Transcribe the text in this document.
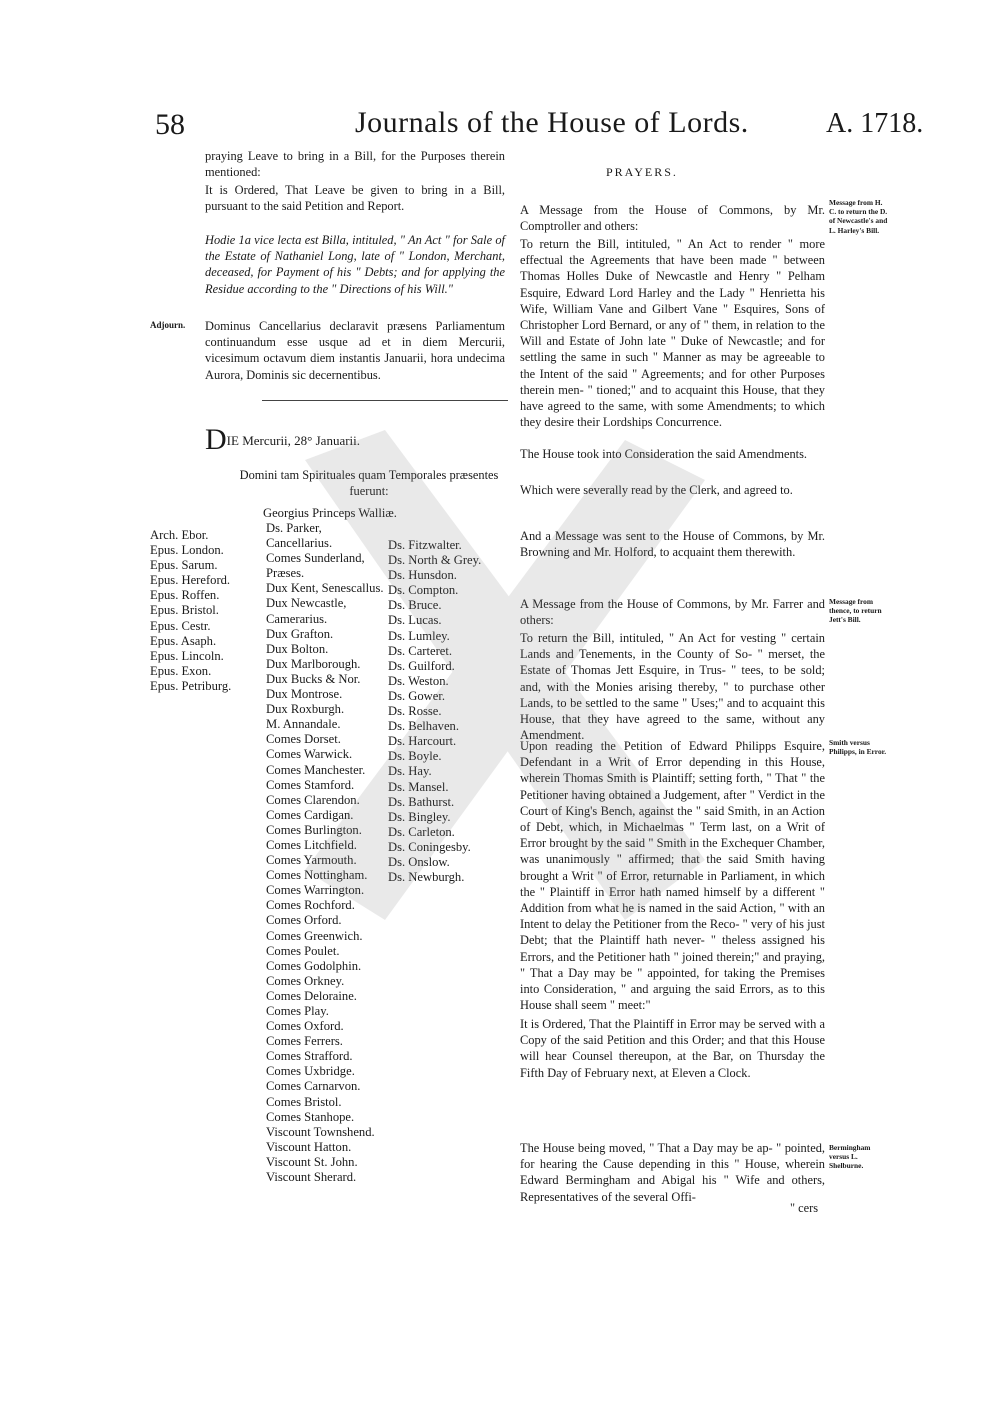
58	Journals of the House of Lords.	A. 1718.

praying Leave to bring in a Bill, for the Purposes therein mentioned:

It is Ordered, That Leave be given to bring in a Bill, pursuant to the said Petition and Report.

Hodie 1a vice lecta est Billa, intituled, " An Act " for Sale of the Estate of Nathaniel Long, late of " London, Merchant, deceased, for Payment of his " Debts; and for applying the Residue according to the " Directions of his Will."

Adjourn.	Dominus Cancellarius declaravit præsens Parliamentum continuandum esse usque ad et in diem Mercurii, vicesimum octavum diem instantis Januarii, hora undecima Aurora, Dominis sic decernentibus.

DIE Mercurii, 28° Januarii.

Domini tam Spirituales quam Temporales præsentes fuerunt:

Georgius Princeps Walliæ.
Arch. Ebor.
Epus. London.
Epus. Sarum.
Epus. Hereford.
Epus. Roffen.
Epus. Bristol.
Epus. Cestr.
Epus. Asaph.
Epus. Lincoln.
Epus. Exon.
Epus. Petriburg.
Ds. Parker, Cancellarius.
Comes Sunderland, Præses.
Dux Kent, Senescallus.
Dux Newcastle, Camerarius.
Dux Grafton.
Dux Bolton.
Dux Marlborough.
Dux Bucks & Nor.
Dux Montrose.
Dux Roxburgh.
M. Annandale.
Comes Dorset.
Comes Warwick.
Comes Manchester.
Comes Stamford.
Comes Clarendon.
Comes Cardigan.
Comes Burlington.
Comes Litchfield.
Comes Yarmouth.
Comes Nottingham.
Comes Warrington.
Comes Rochford.
Comes Orford.
Comes Greenwich.
Comes Poulet.
Comes Godolphin.
Comes Orkney.
Comes Deloraine.
Comes Play.
Comes Oxford.
Comes Ferrers.
Comes Strafford.
Comes Uxbridge.
Comes Carnarvon.
Comes Bristol.
Comes Stanhope.
Viscount Townshend.
Viscount Hatton.
Viscount St. John.
Viscount Sherard.
Ds. Fitzwalter.
Ds. North & Grey.
Ds. Hunsdon.
Ds. Compton.
Ds. Bruce.
Ds. Lucas.
Ds. Lumley.
Ds. Carteret.
Ds. Guilford.
Ds. Weston.
Ds. Gower.
Ds. Rosse.
Ds. Belhaven.
Ds. Harcourt.
Ds. Boyle.
Ds. Hay.
Ds. Mansel.
Ds. Bathurst.
Ds. Bingley.
Ds. Carleton.
Ds. Coningesby.
Ds. Onslow.
Ds. Newburgh.
PRAYERS.

A Message from the House of Commons, by Mr. Comptroller and others:

Message from H. C. to return the D. of Newcastle's and L. Harley's Bill.

To return the Bill, intituled, " An Act to render " more effectual the Agreements that have been made " between Thomas Holles Duke of Newcastle and Henry " Pelham Esquire, Edward Lord Harley and the Lady " Henrietta his Wife, William Vane and Gilbert Vane " Esquires, Sons of Christopher Lord Bernard, or any of " them, in relation to the Will and Estate of John late " Duke of Newcastle; and for settling the same in such " Manner as may be agreeable to the Intent of the said " Agreements; and for other Purposes therein men- " tioned;" and to acquaint this House, that they have agreed to the same, with some Amendments; to which they desire their Lordships Concurrence.

The House took into Consideration the said Amendments.

Which were severally read by the Clerk, and agreed to.

And a Message was sent to the House of Commons, by Mr. Browning and Mr. Holford, to acquaint them therewith.

A Message from the House of Commons, by Mr. Farrer and others:

Message from thence, to return Jett's Bill.

To return the Bill, intituled, " An Act for vesting " certain Lands and Tenements, in the County of So- " merset, the Estate of Thomas Jett Esquire, in Trus- " tees, to be sold; and, with the Monies arising thereby, " to purchase other Lands, to be settled to the same " Uses;" and to acquaint this House, that they have agreed to the same, without any Amendment.

Upon reading the Petition of Edward Philipps Esquire, Defendant in a Writ of Error depending in this House, wherein Thomas Smith is Plaintiff; setting forth, " That " the Petitioner having obtained a Judgement, after " Verdict in the Court of King's Bench, against the " said Smith, in an Action of Debt, which, in Michaelmas " Term last, on a Writ of Error brought by the said " Smith in the Exchequer Chamber, was unanimously " affirmed; that the said Smith having brought a Writ " of Error, returnable in Parliament, in which the " Plaintiff in Error hath named himself by a different " Addition from what he is named in the said Action, " with an Intent to delay the Petitioner from the Reco- " very of his just Debt; that the Plaintiff hath never- " theless assigned his Errors, and the Petitioner hath " joined therein;" and praying, " That a Day may be " appointed, for taking the Premises into Consideration, " and arguing the said Errors, as to this House shall seem " meet:"

Smith versus Philipps, in Error.

It is Ordered, That the Plaintiff in Error may be served with a Copy of the said Petition and this Order; and that this House will hear Counsel thereupon, at the Bar, on Thursday the Fifth Day of February next, at Eleven a Clock.

The House being moved, " That a Day may be ap- " pointed, for hearing the Cause depending in this " House, wherein Edward Bermingham and Abigal his " Wife and others, Representatives of the several Offi-

Bermingham versus L. Shelburne.
" cers
